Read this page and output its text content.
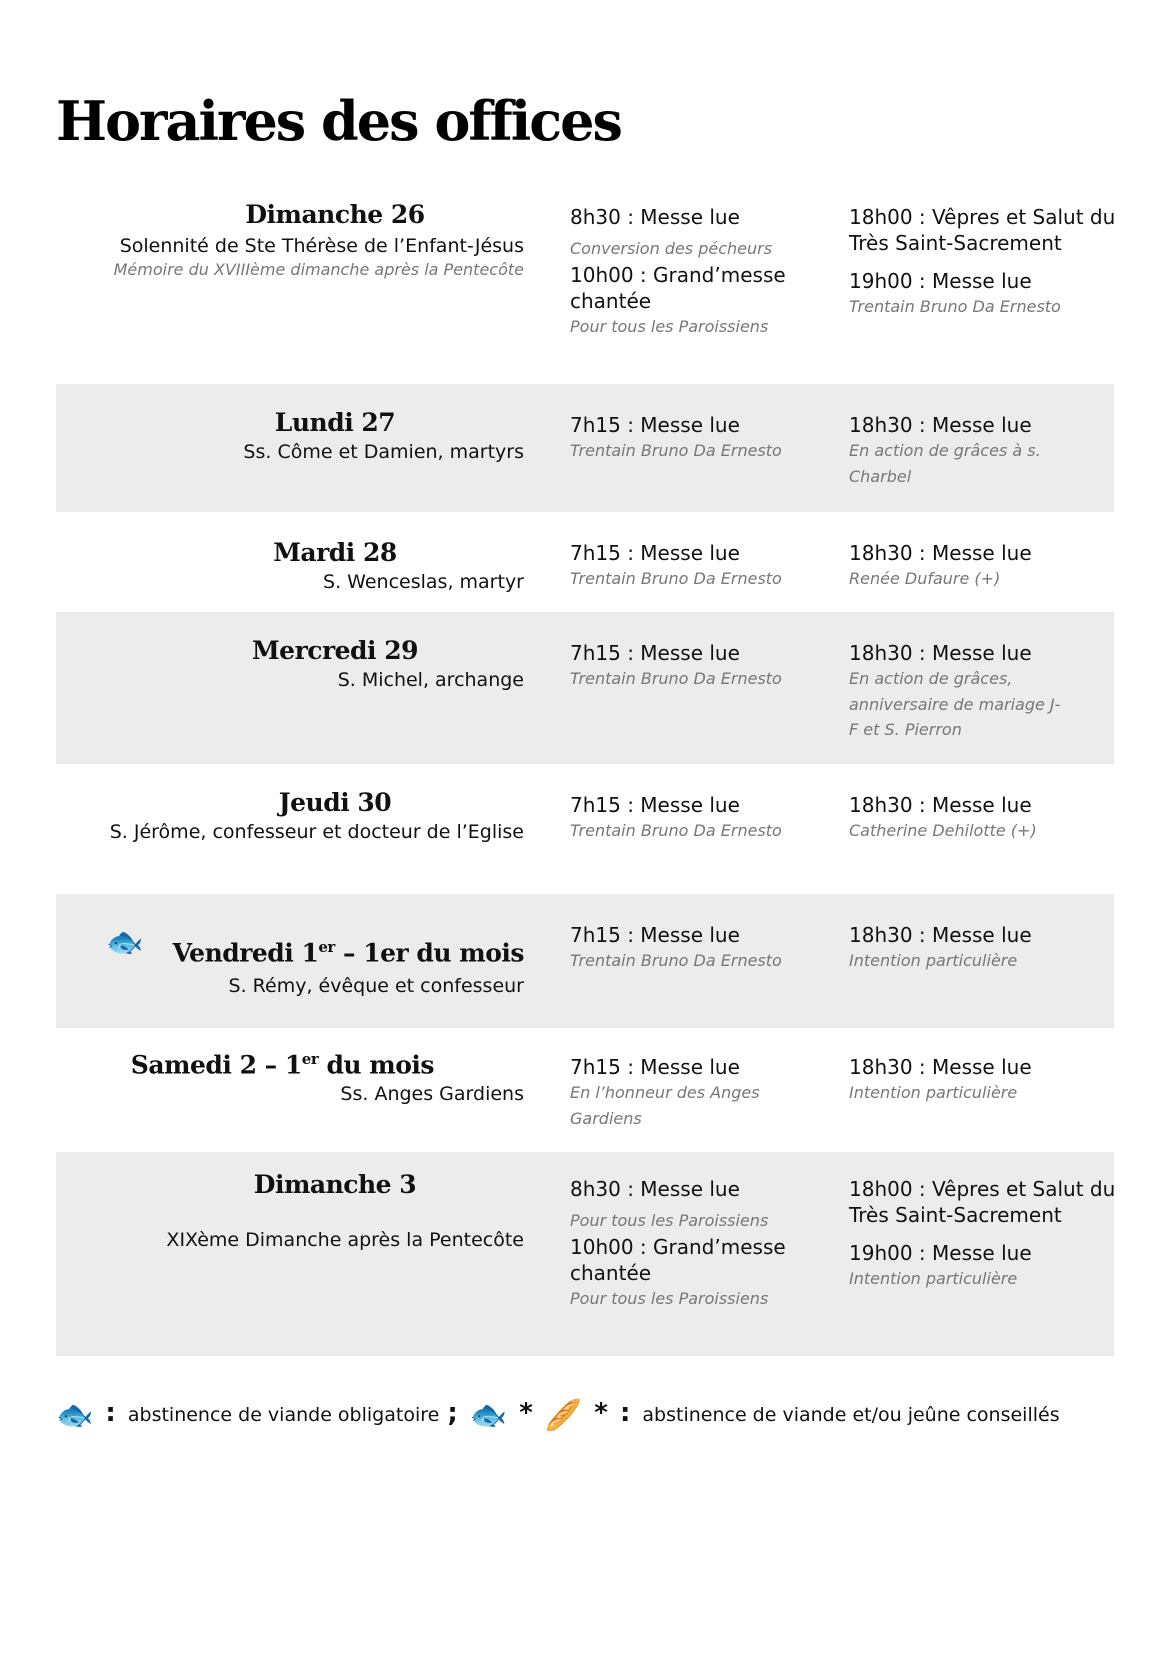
Horaires des offices
Dimanche 26
Solennité de Ste Thérèse de l’Enfant-Jésus
Mémoire du XVIIIème dimanche après la Pentecôte
8h30 : Messe lue
Conversion des pécheurs
10h00 : Grand’messe chantée
Pour tous les Paroissiens
18h00 : Vêpres et Salut du Très Saint-Sacrement
19h00 : Messe lue
Trentain Bruno Da Ernesto
Lundi 27
Ss. Côme et Damien, martyrs
7h15 : Messe lue
Trentain Bruno Da Ernesto
18h30 : Messe lue
En action de grâces à s. Charbel
Mardi 28
S. Wenceslas, martyr
7h15 : Messe lue
Trentain Bruno Da Ernesto
18h30 : Messe lue
Renée Dufaure (+)
Mercredi 29
S. Michel, archange
7h15 : Messe lue
Trentain Bruno Da Ernesto
18h30 : Messe lue
En action de grâces, anniversaire de mariage J-F et S. Pierron
Jeudi 30
S. Jérôme, confesseur et docteur de l’Eglise
7h15 : Messe lue
Trentain Bruno Da Ernesto
18h30 : Messe lue
Catherine Dehilotte (+)
🐟	Vendredi 1er – 1er du mois
S. Rémy, évêque et confesseur
7h15 : Messe lue
Trentain Bruno Da Ernesto
18h30 : Messe lue
Intention particulière
Samedi 2 – 1er du mois
Ss. Anges Gardiens
7h15 : Messe lue
En l’honneur des Anges Gardiens
18h30 : Messe lue
Intention particulière
Dimanche 3
XIXème Dimanche après la Pentecôte
8h30 : Messe lue
Pour tous les Paroissiens
10h00 : Grand’messe chantée
Pour tous les Paroissiens
18h00 : Vêpres et Salut du Très Saint-Sacrement
19h00 : Messe lue
Intention particulière
🐟 : abstinence de viande obligatoire ; 🐟 * 🥖 * : abstinence de viande et/ou jeûne conseillés
